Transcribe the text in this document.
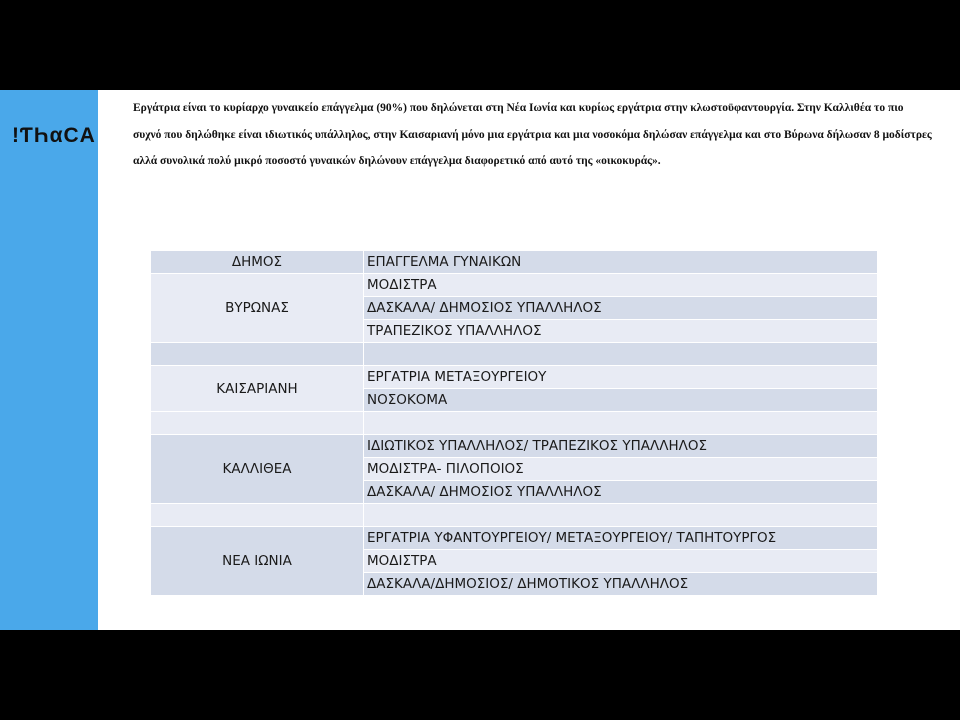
!ƬҺαCA
Εργάτρια είναι το κυρίαρχο γυναικείο επάγγελμα (90%) που δηλώνεται στη Νέα Ιωνία και κυρίως εργάτρια στην κλωστοϋφαντουργία. Στην Καλλιθέα το πιο συχνό που δηλώθηκε είναι ιδιωτικός υπάλληλος, στην Καισαριανή μόνο μια εργάτρια και μια νοσοκόμα δηλώσαν επάγγελμα και στο Βύρωνα δήλωσαν 8 μοδίστρες αλλά συνολικά πολύ μικρό ποσοστό γυναικών δηλώνουν επάγγελμα διαφορετικό από αυτό της «οικοκυράς».
ΔΗΜΟΣ	ΕΠΑΓΓΕΛΜΑ ΓΥΝΑΙΚΩΝ
ΒΥΡΩΝΑΣ	ΜΟΔΙΣΤΡΑ
	ΔΑΣΚΑΛΑ/ ΔΗΜΟΣΙΟΣ ΥΠΑΛΛΗΛΟΣ
	ΤΡΑΠΕΖΙΚΟΣ ΥΠΑΛΛΗΛΟΣ

ΚΑΙΣΑΡΙΑΝΗ	ΕΡΓΑΤΡΙΑ ΜΕΤΑΞΟΥΡΓΕΙΟΥ
	ΝΟΣΟΚΟΜΑ

ΚΑΛΛΙΘΕΑ	ΙΔΙΩΤΙΚΟΣ ΥΠΑΛΛΗΛΟΣ/ ΤΡΑΠΕΖΙΚΟΣ ΥΠΑΛΛΗΛΟΣ
	ΜΟΔΙΣΤΡΑ- ΠΙΛΟΠΟΙΟΣ
	ΔΑΣΚΑΛΑ/ ΔΗΜΟΣΙΟΣ ΥΠΑΛΛΗΛΟΣ

ΝΕΑ ΙΩΝΙΑ	ΕΡΓΑΤΡΙΑ ΥΦΑΝΤΟΥΡΓΕΙΟΥ/ ΜΕΤΑΞΟΥΡΓΕΙΟΥ/ ΤΑΠΗΤΟΥΡΓΟΣ
	ΜΟΔΙΣΤΡΑ
	ΔΑΣΚΑΛΑ/ΔΗΜΟΣΙΟΣ/ ΔΗΜΟΤΙΚΟΣ ΥΠΑΛΛΗΛΟΣ
